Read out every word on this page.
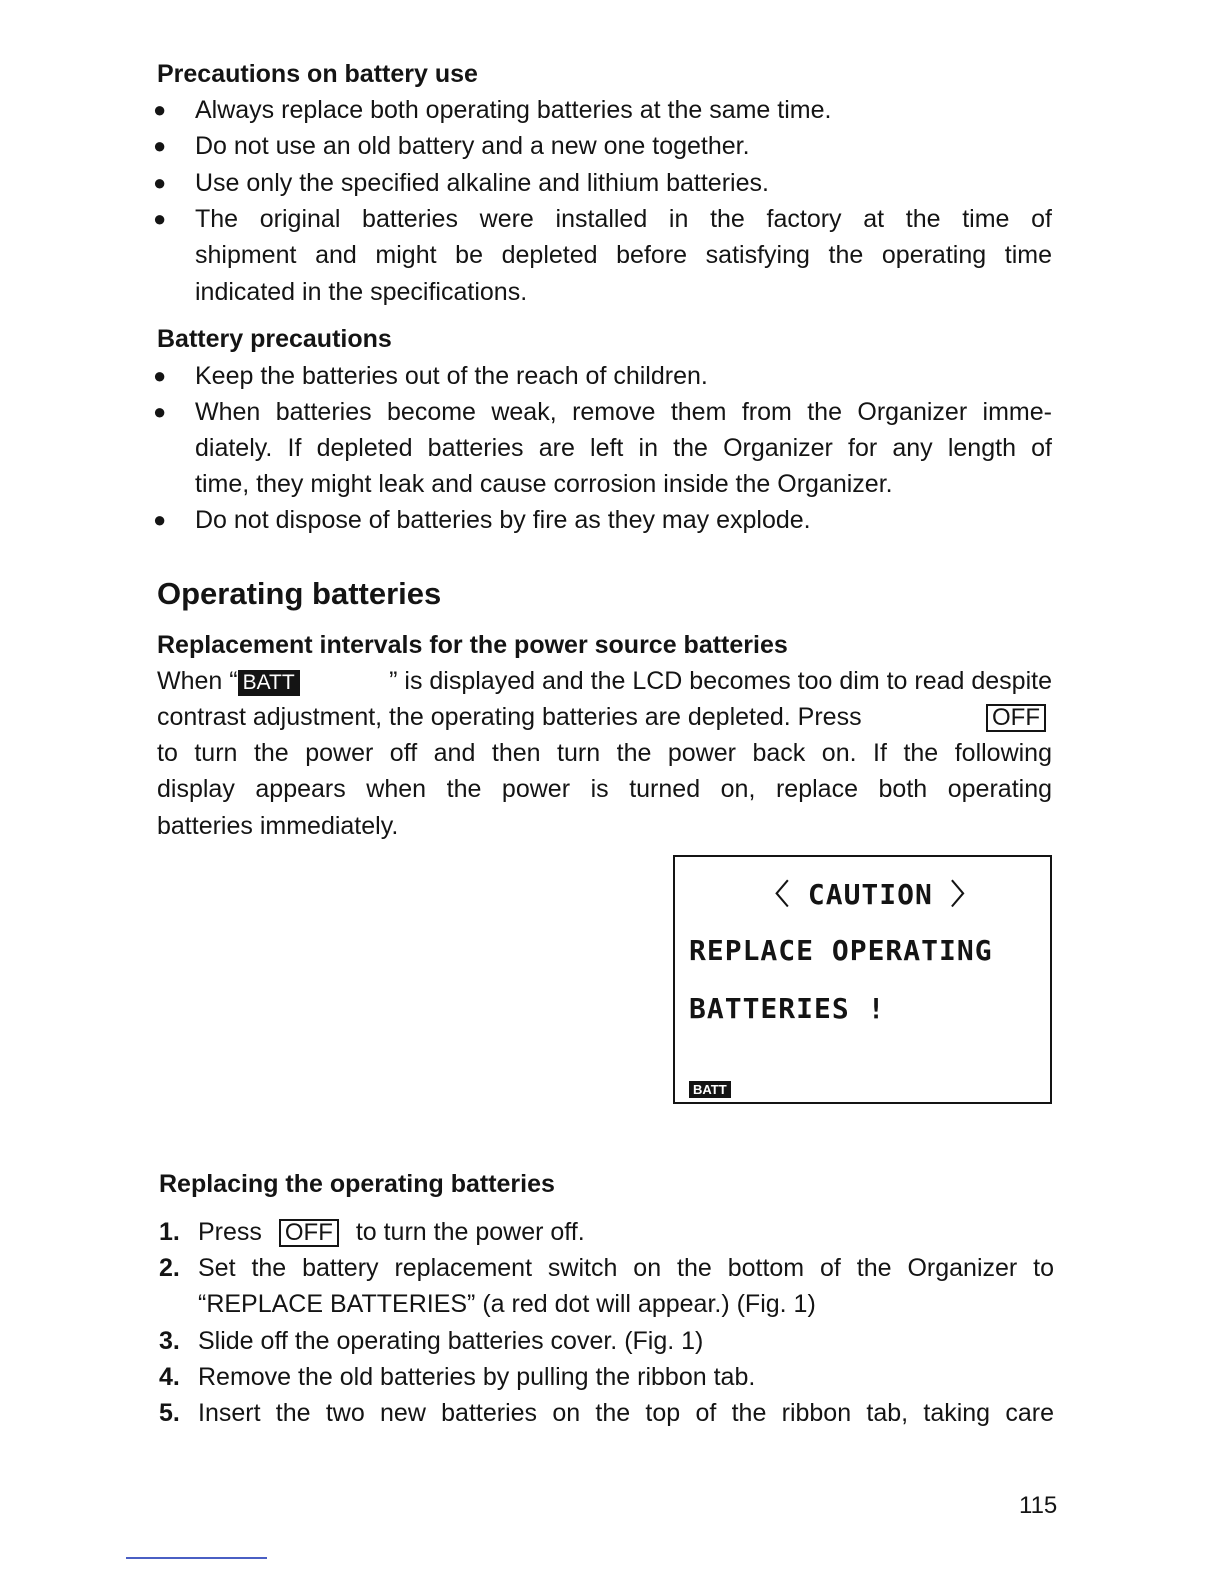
Precautions on battery use
● Always replace both operating batteries at the same time.
● Do not use an old battery and a new one together.
● Use only the specified alkaline and lithium batteries.
● The original batteries were installed in the factory at the time of
shipment and might be depleted before satisfying the operating time
indicated in the specifications.
Battery precautions
● Keep the batteries out of the reach of children.
● When batteries become weak, remove them from the Organizer imme-
diately. If depleted batteries are left in the Organizer for any length of
time, they might leak and cause corrosion inside the Organizer.
● Do not dispose of batteries by fire as they may explode.
Operating batteries
Replacement intervals for the power source batteries
When “ BATT	” is displayed and the LCD becomes too dim to read despite
contrast adjustment, the operating batteries are depleted. Press	OFF
to turn the power off and then turn the power back on. If the following
display appears when the power is turned on, replace both operating
batteries immediately.
〈 CAUTION 〉
REPLACE OPERATING
BATTERIES !
BATT
Replacing the operating batteries
1. Press OFF to turn the power off.
2. Set the battery replacement switch on the bottom of the Organizer to
“REPLACE BATTERIES” (a red dot will appear.) (Fig. 1)
3. Slide off the operating batteries cover. (Fig. 1)
4. Remove the old batteries by pulling the ribbon tab.
5. Insert the two new batteries on the top of the ribbon tab, taking care
115
